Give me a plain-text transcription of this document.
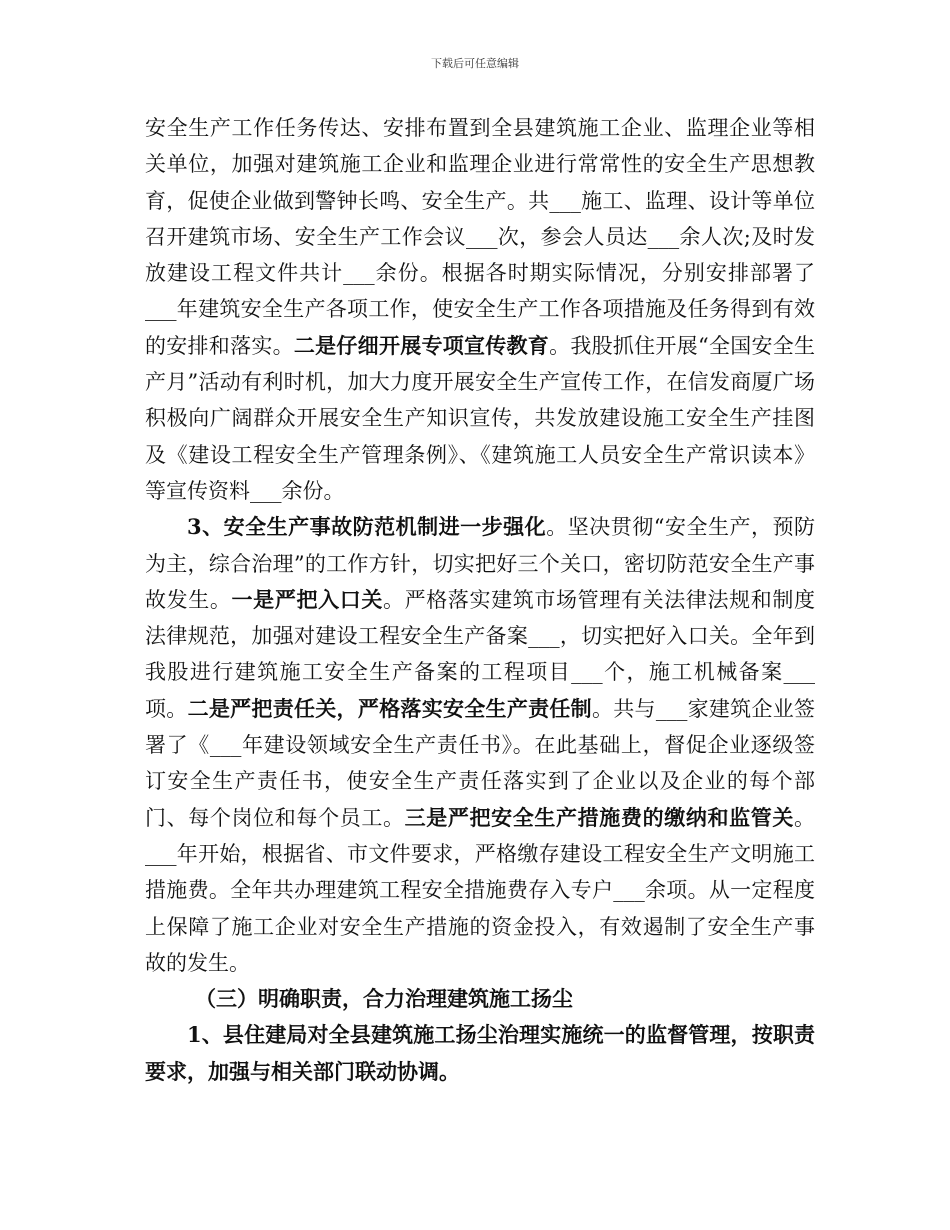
下载后可任意编辑

安全生产工作任务传达、安排布置到全县建筑施工企业、监理企业等相关单位，加强对建筑施工企业和监理企业进行常常性的安全生产思想教育，促使企业做到警钟长鸣、安全生产。共___施工、监理、设计等单位召开建筑市场、安全生产工作会议___次，参会人员达___余人次;及时发放建设工程文件共计___余份。根据各时期实际情况，分别安排部署了___年建筑安全生产各项工作，使安全生产工作各项措施及任务得到有效的安排和落实。二是仔细开展专项宣传教育。我股抓住开展“全国安全生产月”活动有利时机，加大力度开展安全生产宣传工作，在信发商厦广场积极向广阔群众开展安全生产知识宣传，共发放建设施工安全生产挂图及《建设工程安全生产管理条例》、《建筑施工人员安全生产常识读本》等宣传资料___余份。

3、安全生产事故防范机制进一步强化。坚决贯彻“安全生产，预防为主，综合治理”的工作方针，切实把好三个关口，密切防范安全生产事故发生。一是严把入口关。严格落实建筑市场管理有关法律法规和制度法律规范，加强对建设工程安全生产备案___，切实把好入口关。全年到我股进行建筑施工安全生产备案的工程项目___个，施工机械备案___项。二是严把责任关，严格落实安全生产责任制。共与___家建筑企业签署了《___年建设领域安全生产责任书》。在此基础上，督促企业逐级签订安全生产责任书，使安全生产责任落实到了企业以及企业的每个部门、每个岗位和每个员工。三是严把安全生产措施费的缴纳和监管关。___年开始，根据省、市文件要求，严格缴存建设工程安全生产文明施工措施费。全年共办理建筑工程安全措施费存入专户___余项。从一定程度上保障了施工企业对安全生产措施的资金投入，有效遏制了安全生产事故的发生。

（三）明确职责，合力治理建筑施工扬尘

1、县住建局对全县建筑施工扬尘治理实施统一的监督管理，按职责要求，加强与相关部门联动协调。
